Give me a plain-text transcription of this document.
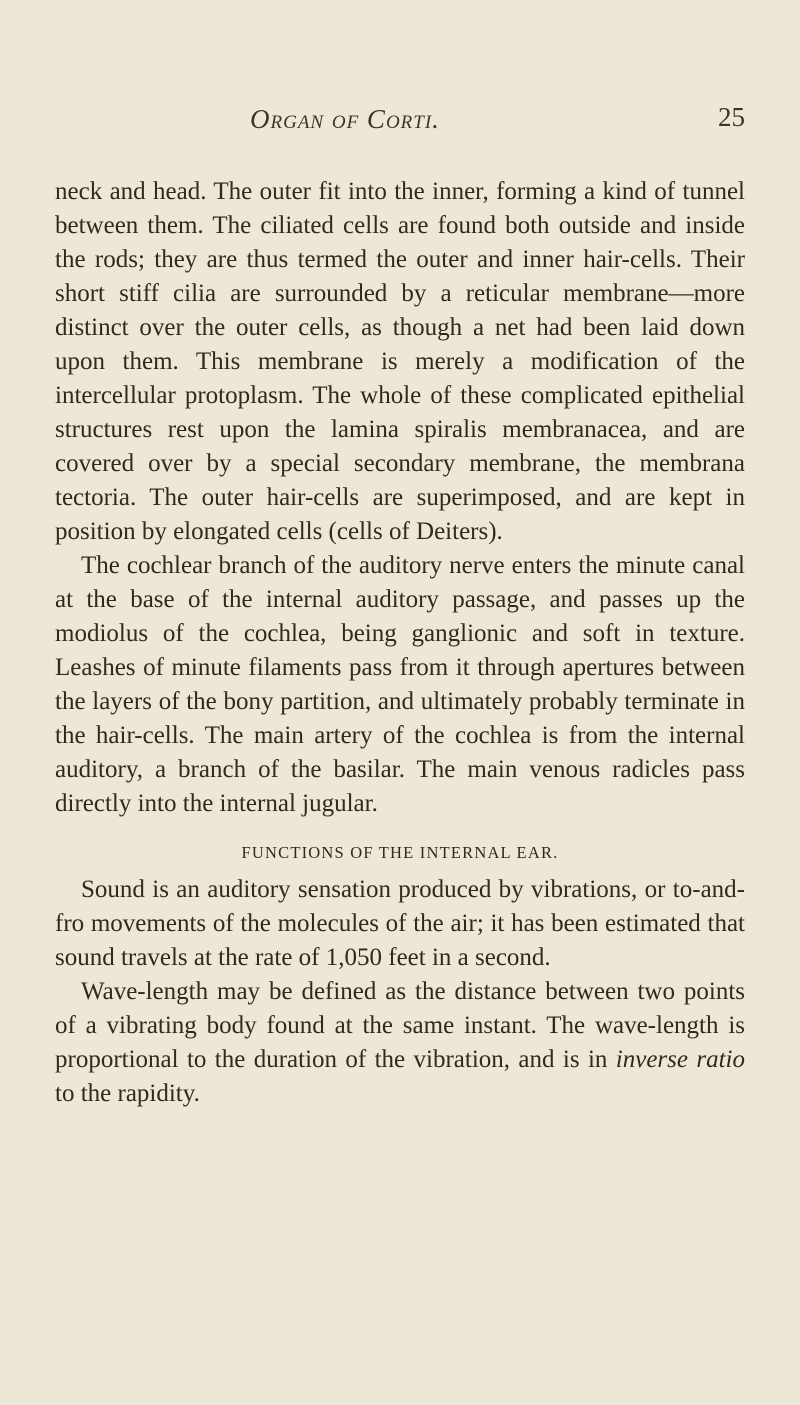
Organ of Corti.	25

neck and head. The outer fit into the inner, forming a kind of tunnel between them. The ciliated cells are found both outside and inside the rods; they are thus termed the outer and inner hair-cells. Their short stiff cilia are surrounded by a reticular membrane—more distinct over the outer cells, as though a net had been laid down upon them. This membrane is merely a modification of the intercellular protoplasm. The whole of these complicated epithelial structures rest upon the lamina spiralis membranacea, and are covered over by a special secondary membrane, the membrana tectoria. The outer hair-cells are superimposed, and are kept in position by elongated cells (cells of Deiters).

The cochlear branch of the auditory nerve enters the minute canal at the base of the internal auditory passage, and passes up the modiolus of the cochlea, being ganglionic and soft in texture. Leashes of minute filaments pass from it through apertures between the layers of the bony partition, and ultimately probably terminate in the hair-cells. The main artery of the cochlea is from the internal auditory, a branch of the basilar. The main venous radicles pass directly into the internal jugular.

FUNCTIONS OF THE INTERNAL EAR.

Sound is an auditory sensation produced by vibrations, or to-and-fro movements of the molecules of the air; it has been estimated that sound travels at the rate of 1,050 feet in a second.

Wave-length may be defined as the distance between two points of a vibrating body found at the same instant. The wave-length is proportional to the duration of the vibration, and is in inverse ratio to the rapidity.
